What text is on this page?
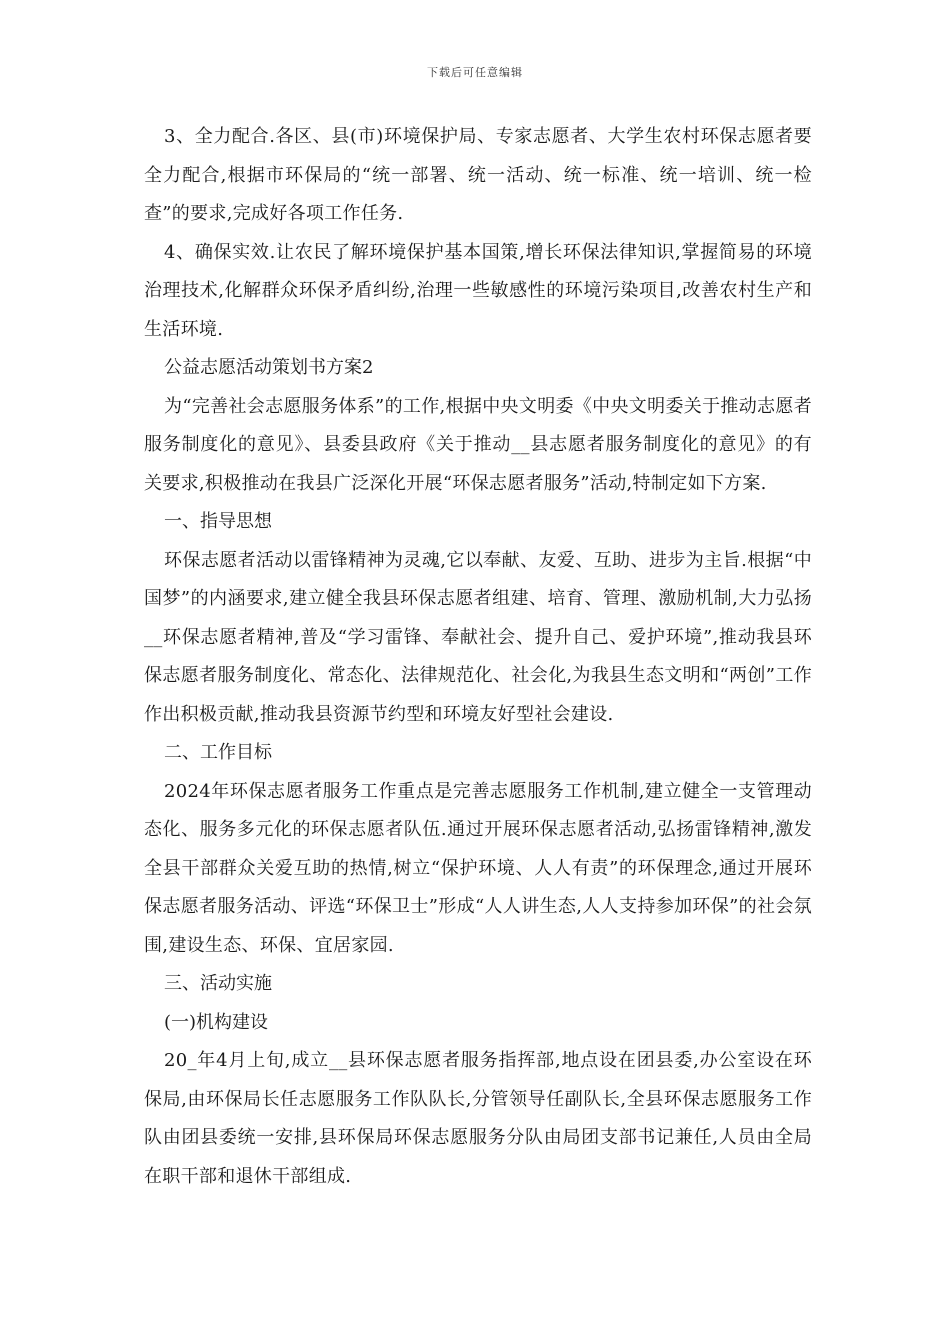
下载后可任意编辑

3、全力配合.各区、县(市)环境保护局、专家志愿者、大学生农村环保志愿者要全力配合,根据市环保局的“统一部署、统一活动、统一标准、统一培训、统一检查”的要求,完成好各项工作任务.

4、确保实效.让农民了解环境保护基本国策,增长环保法律知识,掌握简易的环境治理技术,化解群众环保矛盾纠纷,治理一些敏感性的环境污染项目,改善农村生产和生活环境.

公益志愿活动策划书方案2

为“完善社会志愿服务体系”的工作,根据中央文明委《中央文明委关于推动志愿者服务制度化的意见》、县委县政府《关于推动__县志愿者服务制度化的意见》的有关要求,积极推动在我县广泛深化开展“环保志愿者服务”活动,特制定如下方案.

一、指导思想

环保志愿者活动以雷锋精神为灵魂,它以奉献、友爱、互助、进步为主旨.根据“中国梦”的内涵要求,建立健全我县环保志愿者组建、培育、管理、激励机制,大力弘扬__环保志愿者精神,普及“学习雷锋、奉献社会、提升自己、爱护环境”,推动我县环保志愿者服务制度化、常态化、法律规范化、社会化,为我县生态文明和“两创”工作作出积极贡献,推动我县资源节约型和环境友好型社会建设.

二、工作目标

2024年环保志愿者服务工作重点是完善志愿服务工作机制,建立健全一支管理动态化、服务多元化的环保志愿者队伍.通过开展环保志愿者活动,弘扬雷锋精神,激发全县干部群众关爱互助的热情,树立“保护环境、人人有责”的环保理念,通过开展环保志愿者服务活动、评选“环保卫士”形成“人人讲生态,人人支持参加环保”的社会氛围,建设生态、环保、宜居家园.

三、活动实施

(一)机构建设

20_年4月上旬,成立__县环保志愿者服务指挥部,地点设在团县委,办公室设在环保局,由环保局长任志愿服务工作队队长,分管领导任副队长,全县环保志愿服务工作队由团县委统一安排,县环保局环保志愿服务分队由局团支部书记兼任,人员由全局在职干部和退休干部组成.
